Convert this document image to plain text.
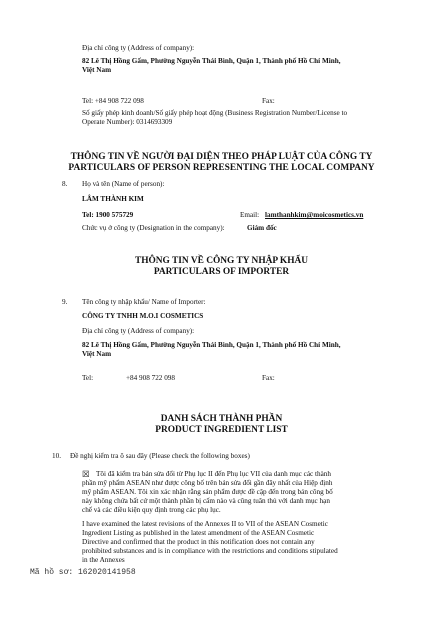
Địa chỉ công ty (Address of company):
82 Lê Thị Hồng Gấm, Phường Nguyễn Thái Bình, Quận 1, Thành phố Hồ Chí Minh,
Việt Nam
Tel: +84 908 722 098	Fax:
Số giấy phép kinh doanh/Số giấy phép hoạt động (Business Registration Number/License to
Operate Number): 0314693309
THÔNG TIN VỀ NGƯỜI ĐẠI DIỆN THEO PHÁP LUẬT CỦA CÔNG TY
PARTICULARS OF PERSON REPRESENTING THE LOCAL COMPANY
8. Họ và tên (Name of person):
LÂM THÀNH KIM
Tel: 1900 575729	Email: lamthanhkim@moicosmetics.vn
Chức vụ ở công ty (Designation in the company):	Giám đốc
THÔNG TIN VỀ CÔNG TY NHẬP KHẨU
PARTICULARS OF IMPORTER
9. Tên công ty nhập khẩu/ Name of Importer:
CÔNG TY TNHH M.O.I COSMETICS
Địa chỉ công ty (Address of company):
82 Lê Thị Hồng Gấm, Phường Nguyễn Thái Bình, Quận 1, Thành phố Hồ Chí Minh,
Việt Nam
Tel:	+84 908 722 098	Fax:
DANH SÁCH THÀNH PHẦN
PRODUCT INGREDIENT LIST
10. Đề nghị kiểm tra ô sau đây (Please check the following boxes)
☒ Tôi đã kiểm tra bản sửa đổi từ Phụ lục II đến Phụ lục VII của danh mục các thành
phần mỹ phẩm ASEAN như được công bố trên bản sửa đổi gần đây nhất của Hiệp định
mỹ phẩm ASEAN. Tôi xin xác nhận rằng sản phẩm được đề cập đến trong bản công bố
này không chứa bất cứ một thành phần bị cấm nào và cũng tuân thủ với danh mục hạn
chế và các điều kiện quy định trong các phụ lục.
I have examined the latest revisions of the Annexes II to VII of the ASEAN Cosmetic
Ingredient Listing as published in the latest amendment of the ASEAN Cosmetic
Directive and confirmed that the product in this notification does not contain any
prohibited substances and is in compliance with the restrictions and conditions stipulated
in the Annexes
Mã hồ sơ: 162020141958
